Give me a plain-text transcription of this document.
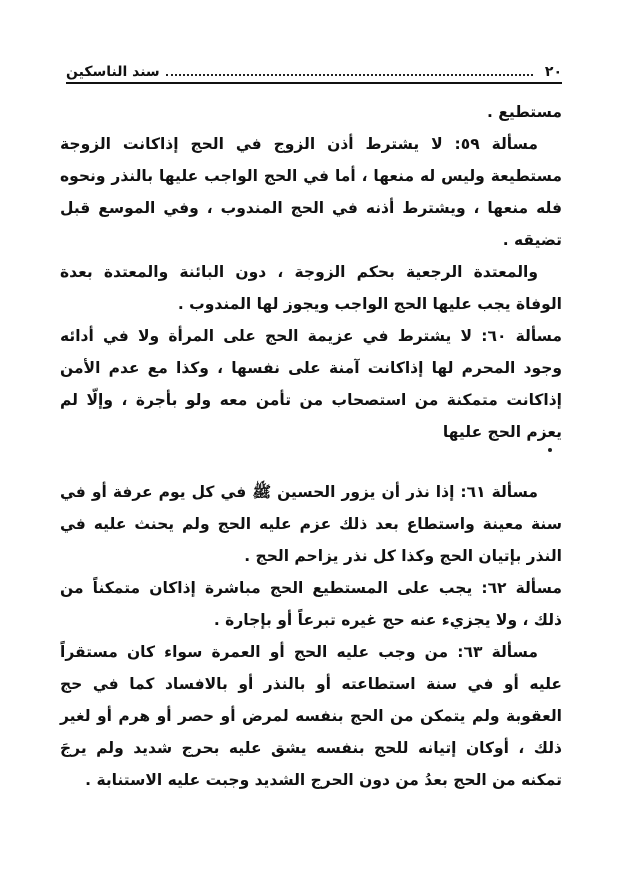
٢٠
سند الناسكين

مستطيع .

مسألة ٥٩: لا يشترط أذن الزوج في الحج إذاكانت الزوجة مستطيعة وليس له منعها ، أما في الحج الواجب عليها بالنذر ونحوه فله منعها ، ويشترط أذنه في الحج المندوب ، وفي الموسع قبل تضيقه .

والمعتدة الرجعية بحكم الزوجة ، دون البائنة والمعتدة بعدة الوفاة يجب عليها الحج الواجب ويجوز لها المندوب .

مسألة ٦٠: لا يشترط في عزيمة الحج على المرأة ولا في أدائه وجود المحرم لها إذاكانت آمنة على نفسها ، وكذا مع عدم الأمن إذاكانت متمكنة من استصحاب من تأمن معه ولو بأجرة ، وإلّا لم يعزم الحج عليها

مسألة ٦١: إذا نذر أن يزور الحسين ﷺ في كل يوم عرفة أو في سنة معينة واستطاع بعد ذلك عزم عليه الحج ولم يحنث عليه في النذر بإتيان الحج وكذا كل نذر يزاحم الحج .

مسألة ٦٢: يجب على المستطيع الحج مباشرة إذاكان متمكناً من ذلك ، ولا يجزيء عنه حج غيره تبرعاً أو بإجارة .

مسألة ٦٣: من وجب عليه الحج أو العمرة سواء كان مستقراً عليه أو في سنة استطاعته أو بالنذر أو بالافساد كما في حج العقوبة ولم يتمكن من الحج بنفسه لمرض أو حصر أو هرم أو لغير ذلك ، أوكان إتيانه للحج بنفسه يشق عليه بحرج شديد ولم يرجَ تمكنه من الحج بعدُ من دون الحرج الشديد وجبت عليه الاستنابة .
